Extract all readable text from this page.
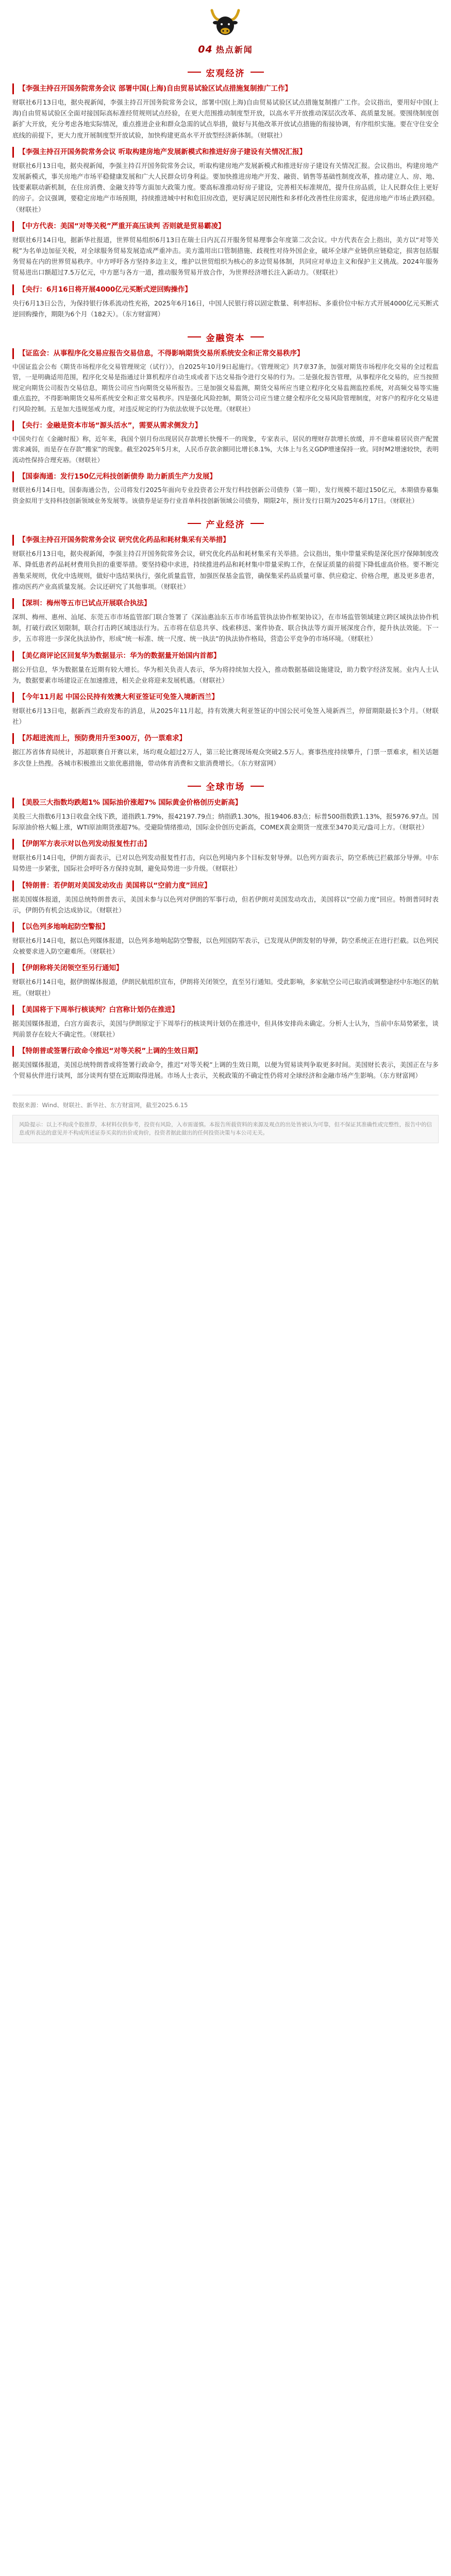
04 热点新闻
宏观经济
【李强主持召开国务院常务会议 部署中国(上海)自由贸易试验区试点措施复制推广工作】

财联社6月13日电，据央视新闻，李强主持召开国务院常务会议，部署中国(上海)自由贸易试验区试点措施复制推广工作。会议指出，要用好中国(上海)自由贸易试验区全面对接国际高标准经贸规则试点经验，在更大范围推动制度型开放，以高水平开放推动深层次改革、高质量发展。要围绕制度创新扩大开放，充分考虑各地实际情况，重点推进企业和群众急需的试点举措，做好与其他改革开放试点措施的衔接协调，有序组织实施。要在守住安全底线的前提下，更大力度开展制度型开放试验，加快构建更高水平开放型经济新体制。（财联社）

【李强主持召开国务院常务会议 听取构建房地产发展新模式和推进好房子建设有关情况汇报】

财联社6月13日电，据央视新闻，李强主持召开国务院常务会议，听取构建房地产发展新模式和推进好房子建设有关情况汇报。会议指出，构建房地产发展新模式，事关房地产市场平稳健康发展和广大人民群众切身利益。要加快推进房地产开发、融资、销售等基础性制度改革，推动建立人、房、地、钱要素联动新机制，在住房消费、金融支持等方面加大政策力度。要高标准推动好房子建设，完善相关标准规范，提升住房品质，让人民群众住上更好的房子。会议强调，要稳定房地产市场预期，持续推进城中村和危旧房改造，更好满足居民刚性和多样化改善性住房需求，促进房地产市场止跌回稳。（财联社）

【中方代表：美国“对等关税”严重开高压谈判 否则就是贸易霸凌】

财联社6月14日电，据新华社报道，世界贸易组织6月13日在瑞士日内瓦召开服务贸易理事会年度第二次会议。中方代表在会上指出，美方以“对等关税”为名单边加征关税，对全球服务贸易发展造成严重冲击。美方滥用出口管制措施、歧视性对待外国企业，破坏全球产业链供应链稳定，损害包括服务贸易在内的世界贸易秩序。中方呼吁各方坚持多边主义，维护以世贸组织为核心的多边贸易体制，共同应对单边主义和保护主义挑战。2024年服务贸易进出口额超过7.5万亿元，中方愿与各方一道，推动服务贸易开放合作，为世界经济增长注入新动力。（财联社）

【央行：6月16日将开展4000亿元买断式逆回购操作】

央行6月13日公告，为保持银行体系流动性充裕，2025年6月16日，中国人民银行将以固定数量、利率招标、多重价位中标方式开展4000亿元买断式逆回购操作，期限为6个月（182天）。（东方财富网）

金融资本
【证监会：从事程序化交易应报告交易信息，不得影响期货交易所系统安全和正常交易秩序】

中国证监会公布《期货市场程序化交易管理规定（试行）》，自2025年10月9日起施行。《管理规定》共7章37条，加强对期货市场程序化交易的全过程监管，一是明确适用范围，程序化交易是指通过计算机程序自动生成或者下达交易指令进行交易的行为。二是强化报告管理，从事程序化交易的，应当按照规定向期货公司报告交易信息，期货公司应当向期货交易所报告。三是加强交易监测，期货交易所应当建立程序化交易监测监控系统，对高频交易等实施重点监控，不得影响期货交易所系统安全和正常交易秩序。四是强化风险控制，期货公司应当建立健全程序化交易风险管理制度，对客户的程序化交易进行风险控制。五是加大违规惩戒力度，对违反规定的行为依法依规予以处理。（财联社）

【央行：金融是资本市场“源头活水”，需要从需求侧发力】

中国央行在《金融时报》称，近年来，我国个别月份出现居民存款增长快慢不一的现象，专家表示，居民的理财存款增长放缓，并不意味着居民资产配置需求减弱，而是存在存款“搬家”的现象。截至2025年5月末，人民币存款余额同比增长8.1%，大体上与名义GDP增速保持一致。同时M2增速较快，表明流动性保持合理充裕。（财联社）

【国泰海通：发行150亿元科技创新债券 助力新质生产力发展】

财联社6月14日电，国泰海通公告，公司将发行2025年面向专业投资者公开发行科技创新公司债券（第一期），发行规模不超过150亿元，本期债券募集资金拟用于支持科技创新领域业务发展等。该债券是证券行业首单科技创新领域公司债券，期限2年，预计发行日期为2025年6月17日。（财联社）

产业经济
【李强主持召开国务院常务会议 研究优化药品和耗材集采有关举措】

财联社6月13日电，据央视新闻，李强主持召开国务院常务会议，研究优化药品和耗材集采有关举措。会议指出，集中带量采购是深化医疗保障制度改革、降低患者药品耗材费用负担的重要举措。要坚持稳中求进，持续推进药品和耗材集中带量采购工作，在保证质量的前提下降低虚高价格。要不断完善集采规则，优化中选规则，做好中选结果执行，强化质量监管，加强医保基金监管，确保集采药品质量可靠、供应稳定、价格合理，惠及更多患者，推动医药产业高质量发展。会议还研究了其他事项。（财联社）

【深圳：梅州等五市已试点开展联合执法】

深圳、梅州、惠州、汕尾、东莞五市市场监管部门联合签署了《深汕惠汕东五市市场监管执法协作框架协议》，在市场监管领域建立跨区域执法协作机制，打破行政区划限制，联合打击跨区域违法行为。五市将在信息共享、线索移送、案件协查、联合执法等方面开展深度合作，提升执法效能。下一步，五市将进一步深化执法协作，形成“统一标准、统一尺度、统一执法”的执法协作格局，营造公平竞争的市场环境。（财联社）

【美亿商评论区回复华为数据显示：华为的数据量开始国内首都】

据公开信息，华为数据量在近期有较大增长。华为相关负责人表示，华为将持续加大投入，推动数据基础设施建设，助力数字经济发展。业内人士认为，数据要素市场建设正在加速推进，相关企业将迎来发展机遇。（财联社）

【今年11月起 中国公民持有效澳大利亚签证可免签入境新西兰】

财联社6月13日电，据新西兰政府发布的消息，从2025年11月起，持有效澳大利亚签证的中国公民可免签入境新西兰，停留期限最长3个月。（财联社）

【苏超进流而上，预防费用升至300万，仍一票难求】

据江苏省体育局统计，苏超联赛自开赛以来，场均观众超过2万人，第三轮比赛现场观众突破2.5万人。赛事热度持续攀升，门票一票难求，相关话题多次登上热搜。各城市积极推出文旅优惠措施，带动体育消费和文旅消费增长。（东方财富网）

全球市场
【美股三大指数均跌超1% 国际油价涨超7% 国际黄金价格创历史新高】

美股三大指数6月13日收盘全线下跌，道指跌1.79%，报42197.79点；纳指跌1.30%，报19406.83点；标普500指数跌1.13%，报5976.97点。国际原油价格大幅上涨，WTI原油期货涨超7%。受避险情绪推动，国际金价创历史新高，COMEX黄金期货一度涨至3470美元/盎司上方。（财联社）

【伊朗军方表示对以色列发动报复性打击】

财联社6月14日电，伊朗方面表示，已对以色列发动报复性打击，向以色列境内多个目标发射导弹。以色列方面表示，防空系统已拦截部分导弹。中东局势进一步紧张，国际社会呼吁各方保持克制，避免局势进一步升级。（财联社）

【特朗普：若伊朗对美国发动攻击 美国将以“空前力度”回应】

据美国媒体报道，美国总统特朗普表示，美国未参与以色列对伊朗的军事行动，但若伊朗对美国发动攻击，美国将以“空前力度”回应。特朗普同时表示，伊朗仍有机会达成协议。（财联社）

【以色列多地响起防空警报】

财联社6月14日电，据以色列媒体报道，以色列多地响起防空警报，以色列国防军表示，已发现从伊朗发射的导弹，防空系统正在进行拦截。以色列民众被要求进入防空避难所。（财联社）

【伊朗称将关闭领空至另行通知】

财联社6月14日电，据伊朗媒体报道，伊朗民航组织宣布，伊朗将关闭领空，直至另行通知。受此影响，多家航空公司已取消或调整途经中东地区的航班。（财联社）

【美国将于下周举行核谈判？白宫称计划仍在推进】

据美国媒体报道，白宫方面表示，美国与伊朗原定于下周举行的核谈判计划仍在推进中，但具体安排尚未确定。分析人士认为，当前中东局势紧张，谈判前景存在较大不确定性。（财联社）

【特朗普或签署行政命令推迟“对等关税”上调的生效日期】

据美国媒体报道，美国总统特朗普或将签署行政命令，推迟“对等关税”上调的生效日期，以便为贸易谈判争取更多时间。美国财长表示，美国正在与多个贸易伙伴进行谈判，部分谈判有望在近期取得进展。市场人士表示，关税政策的不确定性仍将对全球经济和金融市场产生影响。（东方财富网）

数据来源：Wind、财联社、新华社、东方财富网，截至2025.6.15

风险提示：以上不构成个股推荐，本材料仅供参考，投资有风险，入市需谨慎。本报告所载资料的来源及观点的出处皆被认为可靠，但不保证其准确性或完整性，报告中的信息或所表达的意见并不构成所述证券买卖的出价或询价，投资者据此做出的任何投资决策与本公司无关。
